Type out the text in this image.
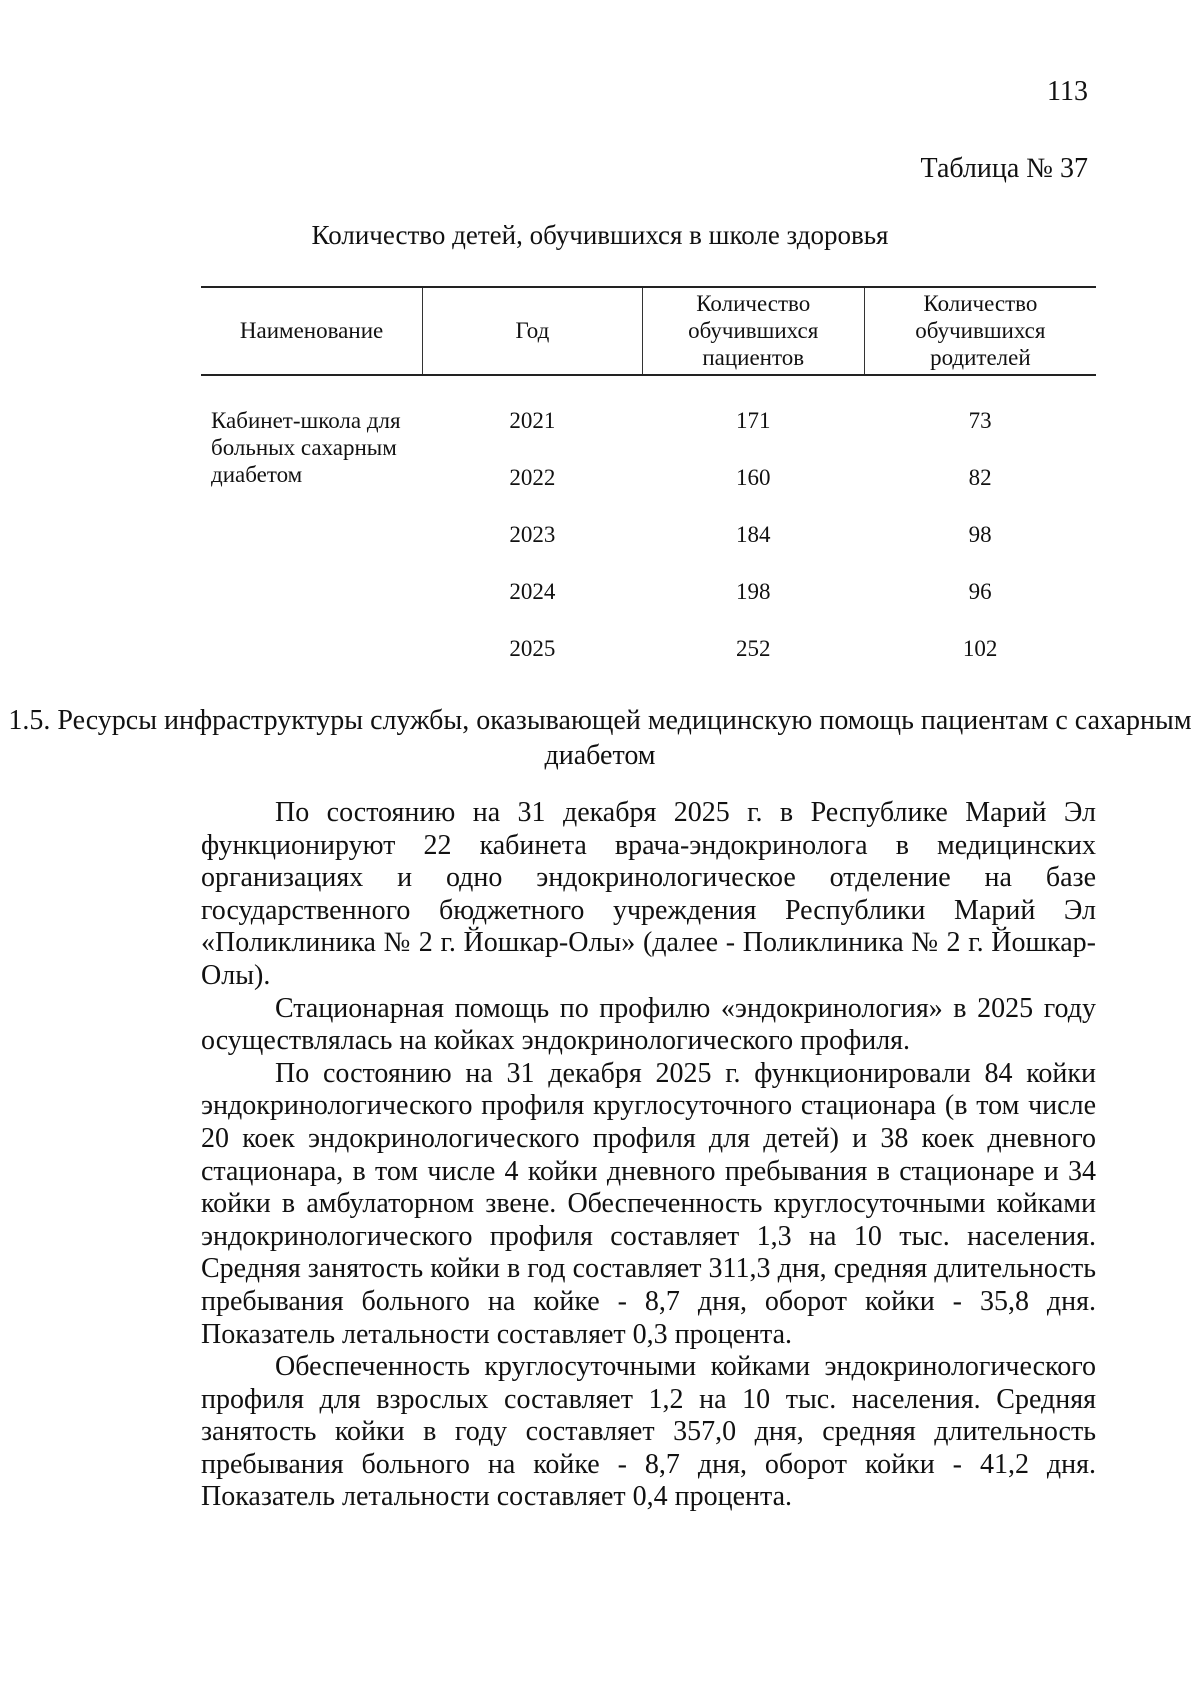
113
Таблица № 37
Количество детей, обучившихся в школе здоровья
Наименование	Год	Количество обучившихся пациентов	Количество обучившихся родителей
Кабинет-школа для больных сахарным диабетом	2021	171	73
	2022	160	82
	2023	184	98
	2024	198	96
	2025	252	102
1.5. Ресурсы инфраструктуры службы, оказывающей медицинскую помощь пациентам с сахарным диабетом

По состоянию на 31 декабря 2025 г. в Республике Марий Эл функционируют 22 кабинета врача-эндокринолога в медицинских организациях и одно эндокринологическое отделение на базе государственного бюджетного учреждения Республики Марий Эл «Поликлиника № 2 г. Йошкар-Олы» (далее - Поликлиника № 2 г. Йошкар-Олы).

Стационарная помощь по профилю «эндокринология» в 2025 году осуществлялась на койках эндокринологического профиля.

По состоянию на 31 декабря 2025 г. функционировали 84 койки эндокринологического профиля круглосуточного стационара (в том числе 20 коек эндокринологического профиля для детей) и 38 коек дневного стационара, в том числе 4 койки дневного пребывания в стационаре и 34 койки в амбулаторном звене. Обеспеченность круглосуточными койками эндокринологического профиля составляет 1,3 на 10 тыс. населения. Средняя занятость койки в год составляет 311,3 дня, средняя длительность пребывания больного на койке - 8,7 дня, оборот койки - 35,8 дня. Показатель летальности составляет 0,3 процента.

Обеспеченность круглосуточными койками эндокринологического профиля для взрослых составляет 1,2 на 10 тыс. населения. Средняя занятость койки в году составляет 357,0 дня, средняя длительность пребывания больного на койке - 8,7 дня, оборот койки - 41,2 дня. Показатель летальности составляет 0,4 процента.
